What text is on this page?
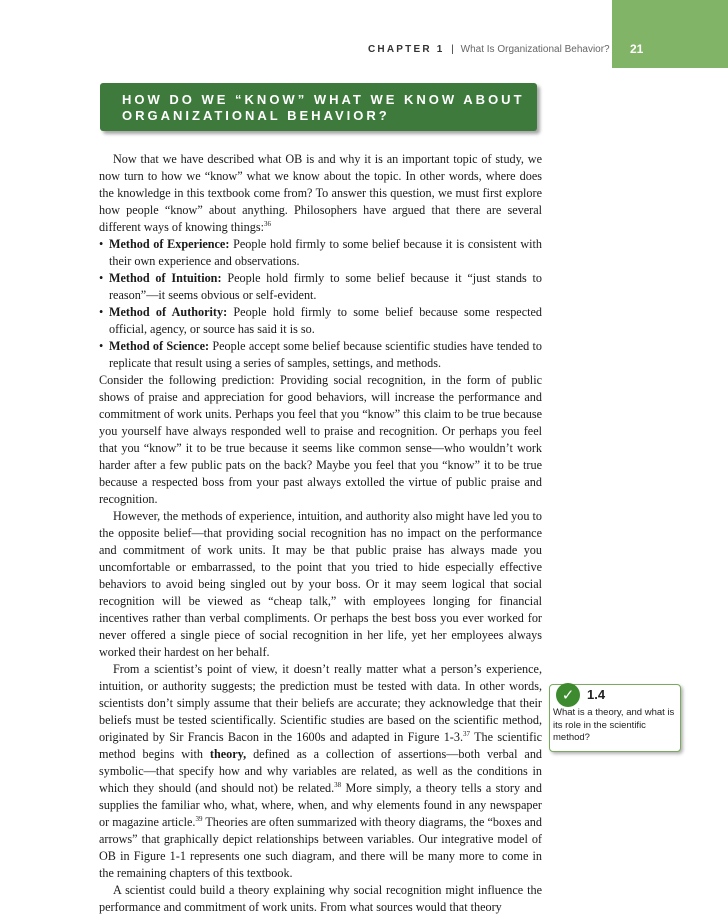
CHAPTER 1 | What Is Organizational Behavior? 21
HOW DO WE “KNOW” WHAT WE KNOW ABOUT ORGANIZATIONAL BEHAVIOR?

Now that we have described what OB is and why it is an important topic of study, we now turn to how we “know” what we know about the topic. In other words, where does the knowledge in this textbook come from? To answer this question, we must first explore how people “know” about anything. Philosophers have argued that there are several different ways of knowing things:$^{36}$

• Method of Experience: People hold firmly to some belief because it is consistent with their own experience and observations.
• Method of Intuition: People hold firmly to some belief because it “just stands to reason”—it seems obvious or self-evident.
• Method of Authority: People hold firmly to some belief because some respected official, agency, or source has said it is so.
• Method of Science: People accept some belief because scientific studies have tended to replicate that result using a series of samples, settings, and methods.

Consider the following prediction: Providing social recognition, in the form of public shows of praise and appreciation for good behaviors, will increase the performance and commitment of work units. Perhaps you feel that you “know” this claim to be true because you yourself have always responded well to praise and recognition. Or perhaps you feel that you “know” it to be true because it seems like common sense—who wouldn’t work harder after a few public pats on the back? Maybe you feel that you “know” it to be true because a respected boss from your past always extolled the virtue of public praise and recognition.

However, the methods of experience, intuition, and authority also might have led you to the opposite belief—that providing social recognition has no impact on the performance and commitment of work units. It may be that public praise has always made you uncomfortable or embarrassed, to the point that you tried to hide especially effective behaviors to avoid being singled out by your boss. Or it may seem logical that social recognition will be viewed as “cheap talk,” with employees longing for financial incentives rather than verbal compliments. Or perhaps the best boss you ever worked for never offered a single piece of social recognition in her life, yet her employees always worked their hardest on her behalf.

From a scientist’s point of view, it doesn’t really matter what a person’s experience, intuition, or authority suggests; the prediction must be tested with data. In other words, scientists don’t simply assume that their beliefs are accurate; they acknowledge that their beliefs must be tested scientifically. Scientific studies are based on the scientific method, originated by Sir Francis Bacon in the 1600s and adapted in Figure 1-3.37 The scientific method begins with theory, defined as a collection of assertions—both verbal and symbolic—that specify how and why variables are related, as well as the conditions in which they should (and should not) be related.$^{38}$ More simply, a theory tells a story and supplies the familiar who, what, where, when, and why elements found in any newspaper or magazine article.$^{39}$ Theories are often summarized with theory diagrams, the “boxes and arrows” that graphically depict relationships between variables. Our integrative model of OB in Figure 1-1 represents one such diagram, and there will be many more to come in the remaining chapters of this textbook.

A scientist could build a theory explaining why social recognition might influence the performance and commitment of work units. From what sources would that theory

✓ 1.4
What is a theory, and what is its role in the scientific method?
